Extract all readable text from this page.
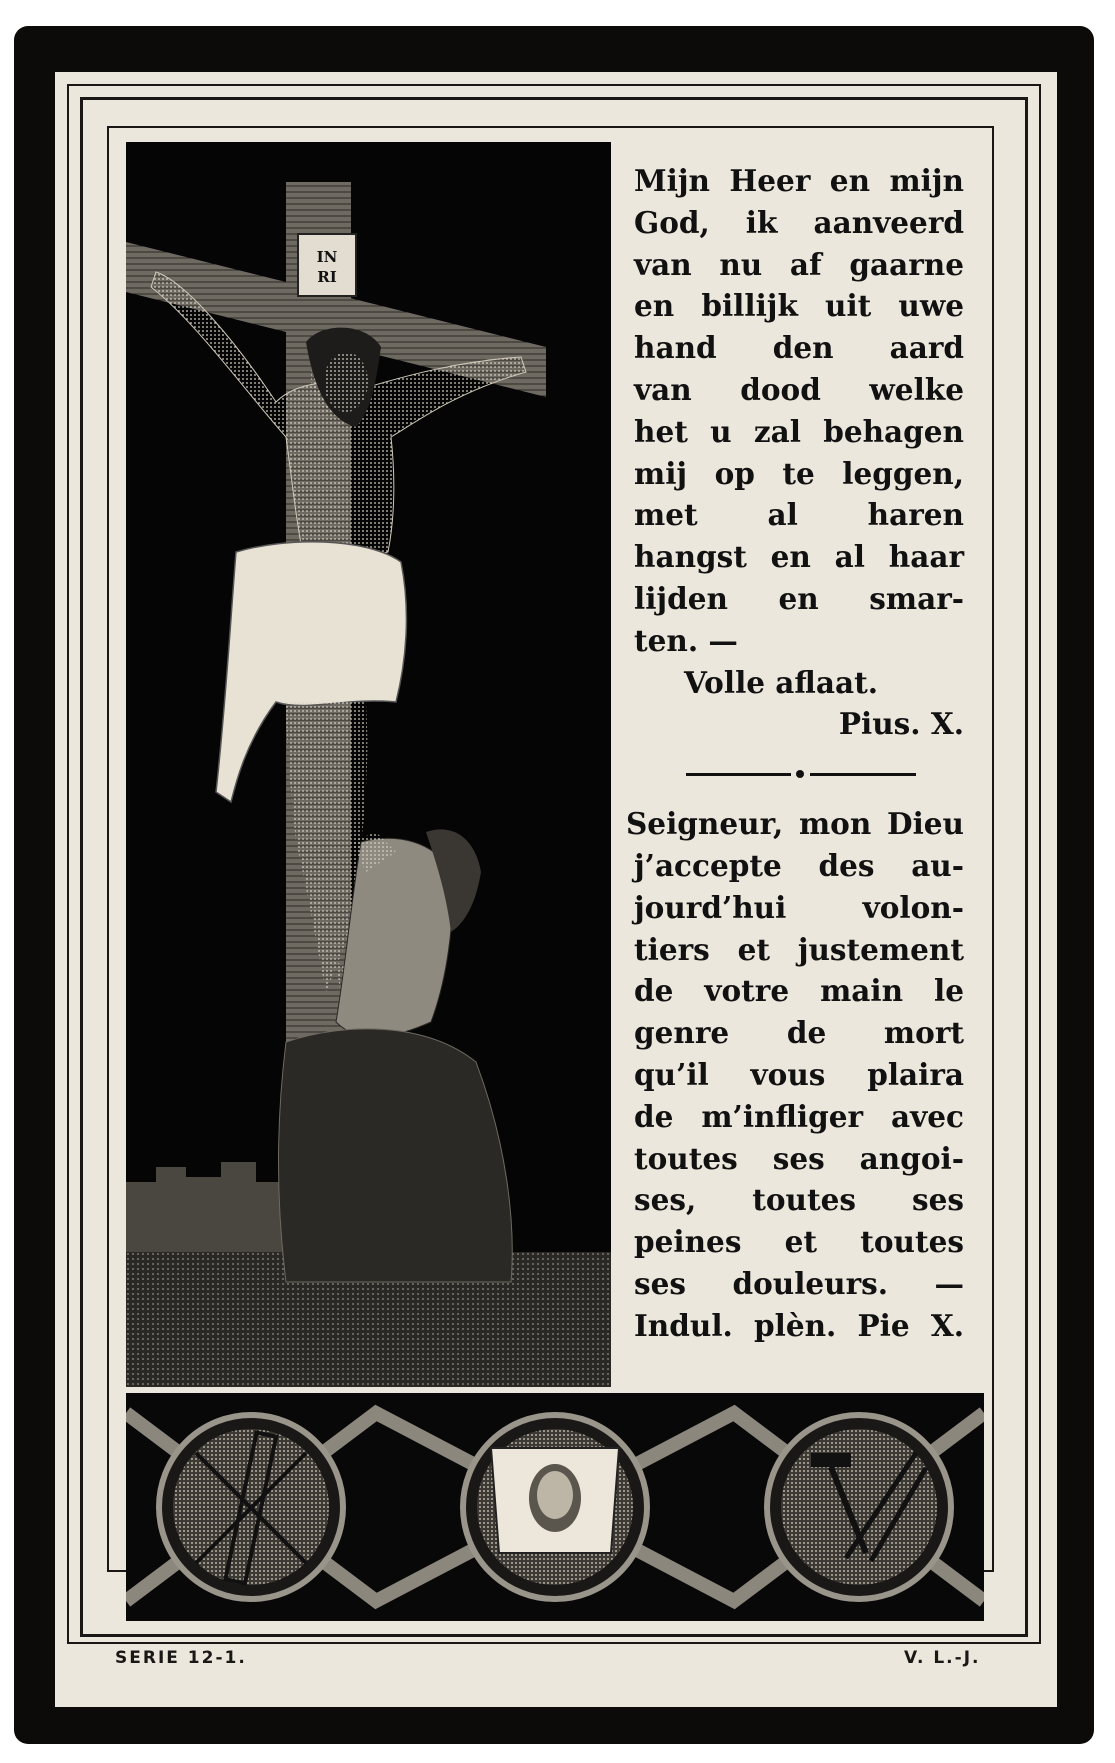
IN
RI
Mijn Heer en mijn
God, ik aanveerd
van nu af gaarne
en billijk uit uwe
hand den aard
van dood welke
het u zal behagen
mij op te leggen,
met al haren
hangst en al haar
lijden en smar-
ten. —

Volle aflaat.

Pius. X.

Seigneur, mon Dieu
j’accepte des au-
jourd’hui volon-
tiers et justement
de votre main le
genre de mort
qu’il vous plaira
de m’infliger avec
toutes ses angoi-
ses, toutes ses
peines et toutes
ses douleurs. —
Indul. plèn. Pie X.
SERIE 12-1.	V. L.-J.
